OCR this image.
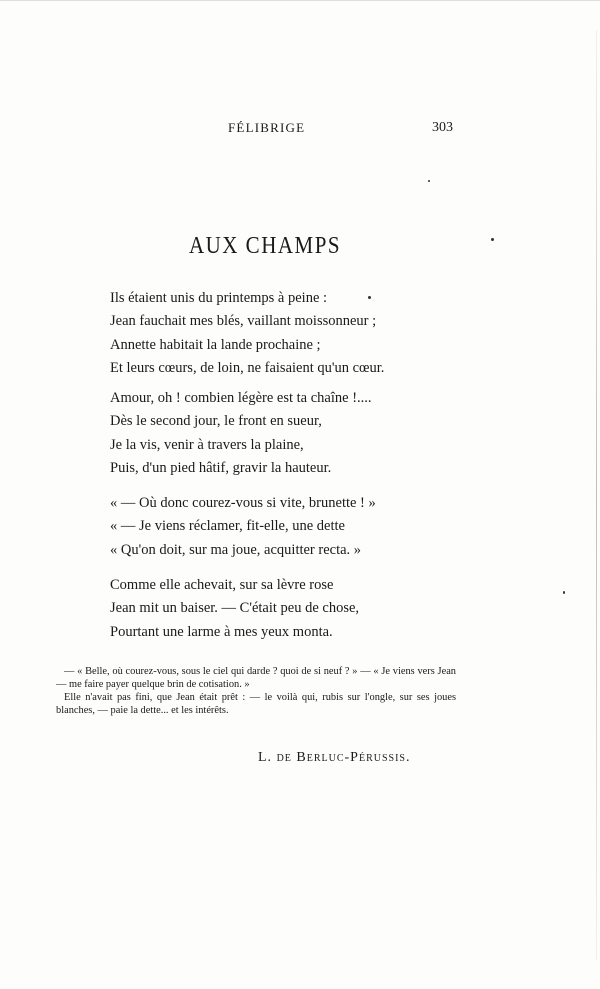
FÉLIBRIGE	303
AUX CHAMPS
Ils étaient unis du printemps à peine :
Jean fauchait mes blés, vaillant moissonneur ;
Annette habitait la lande prochaine ;
Et leurs cœurs, de loin, ne faisaient qu'un cœur.
Amour, oh ! combien légère est ta chaîne !....
Dès le second jour, le front en sueur,
Je la vis, venir à travers la plaine,
Puis, d'un pied hâtif, gravir la hauteur.
« — Où donc courez-vous si vite, brunette ! »
« — Je viens réclamer, fit-elle, une dette
« Qu'on doit, sur ma joue, acquitter recta. »
Comme elle achevait, sur sa lèvre rose
Jean mit un baiser. — C'était peu de chose,
Pourtant une larme à mes yeux monta.

— « Belle, où courez-vous, sous le ciel qui darde ? quoi de si neuf ? » — « Je viens vers Jean — me faire payer quelque brin de cotisation. »

Elle n'avait pas fini, que Jean était prêt : — le voilà qui, rubis sur l'ongle, sur ses joues blanches, — paie la dette... et les intérêts.

L. de Berluc-Pérussis.
